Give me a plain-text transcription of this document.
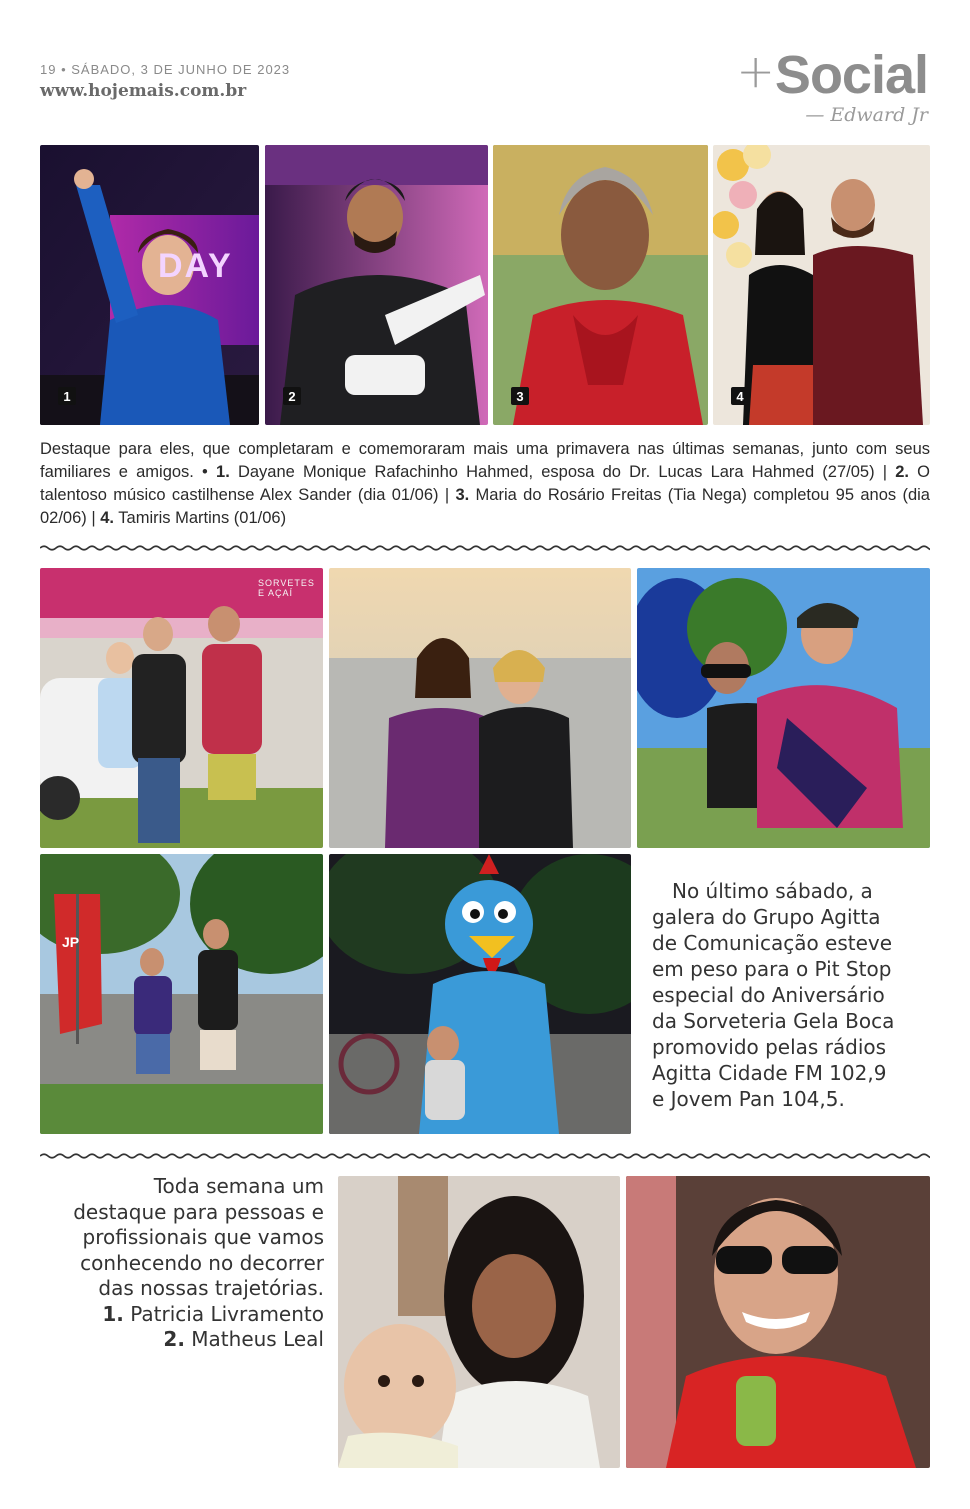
19 • SÁBADO, 3 DE JUNHO DE 2023
www.hojemais.com.br	+Social
— Edward Jr
1
DAY
2	3	4
Destaque para eles, que completaram e comemoraram mais uma primavera nas últimas semanas, junto com seus familiares e amigos. • 1. Dayane Monique Rafachinho Hahmed, esposa do Dr. Lucas Lara Hahmed (27/05) | 2. O talentoso músico castilhense Alex Sander (dia 01/06) | 3. Maria do Rosário Freitas (Tia Nega) completou 95 anos (dia 02/06) | 4. Tamiris Martins (01/06)
SORVETES E AÇAÍ
JP

No último sábado, a galera do Grupo Agitta de Comunicação esteve em peso para o Pit Stop especial do Aniversário da Sorveteria Gela Boca promovido pelas rádios Agitta Cidade FM 102,9 e Jovem Pan 104,5.

Toda semana um
destaque para pessoas e
profissionais que vamos
conhecendo no decorrer
das nossas trajetórias.
1. Patricia Livramento
2. Matheus Leal
